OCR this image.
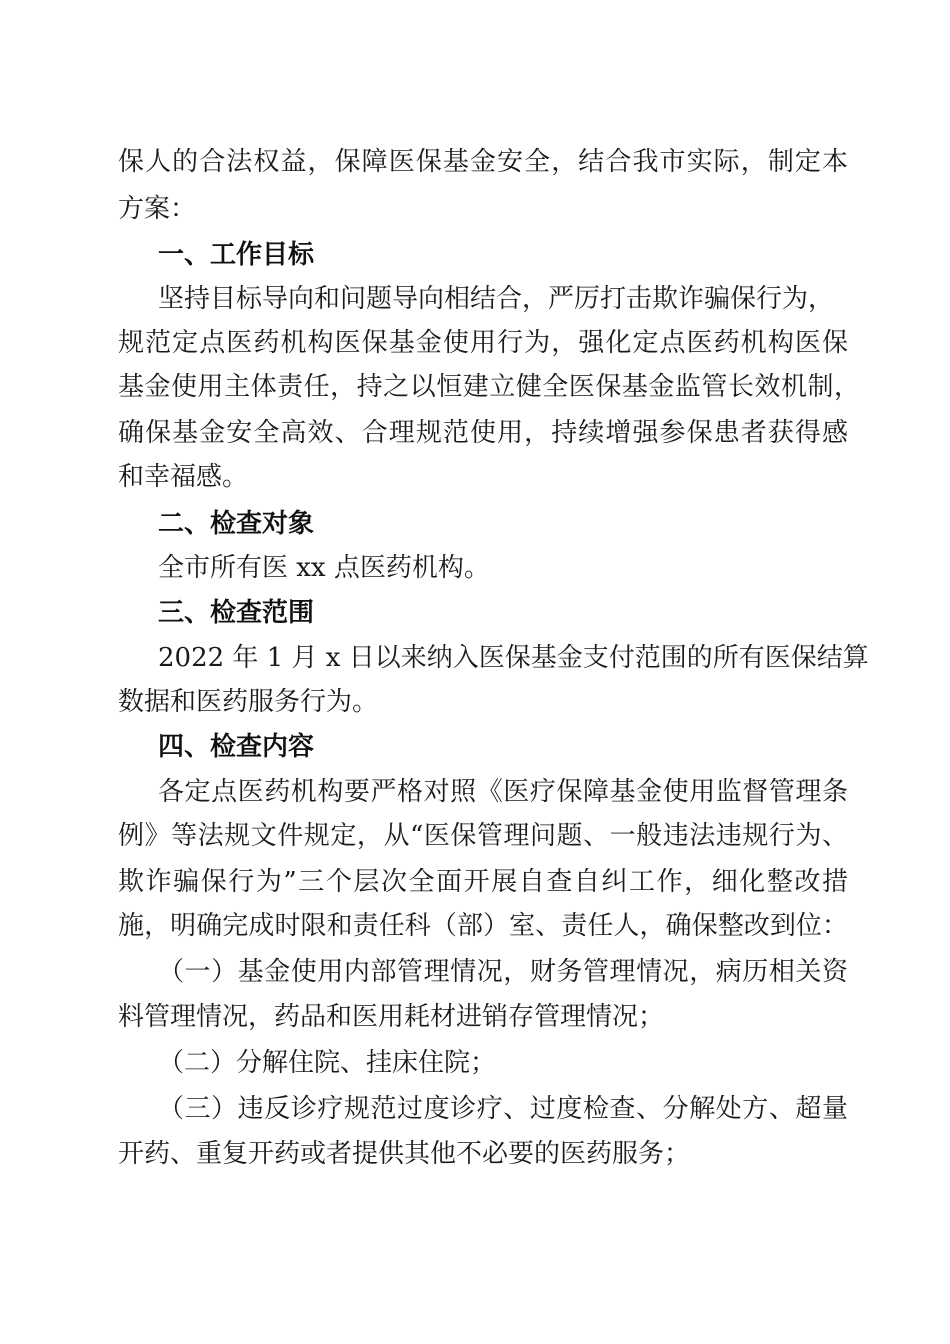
保人的合法权益，保障医保基金安全，结合我市实际，制定本
方案：
一、工作目标
坚持目标导向和问题导向相结合，严厉打击欺诈骗保行为，
规范定点医药机构医保基金使用行为，强化定点医药机构医保
基金使用主体责任，持之以恒建立健全医保基金监管长效机制，
确保基金安全高效、合理规范使用，持续增强参保患者获得感
和幸福感。
二、检查对象
全市所有医 xx 点医药机构。
三、检查范围
2022 年 1 月 x 日以来纳入医保基金支付范围的所有医保结算
数据和医药服务行为。
四、检查内容
各定点医药机构要严格对照《医疗保障基金使用监督管理条
例》等法规文件规定，从“医保管理问题、一般违法违规行为、
欺诈骗保行为”三个层次全面开展自查自纠工作，细化整改措
施，明确完成时限和责任科（部）室、责任人，确保整改到位：
（一）基金使用内部管理情况，财务管理情况，病历相关资
料管理情况，药品和医用耗材进销存管理情况；
（二）分解住院、挂床住院；
（三）违反诊疗规范过度诊疗、过度检查、分解处方、超量
开药、重复开药或者提供其他不必要的医药服务；
